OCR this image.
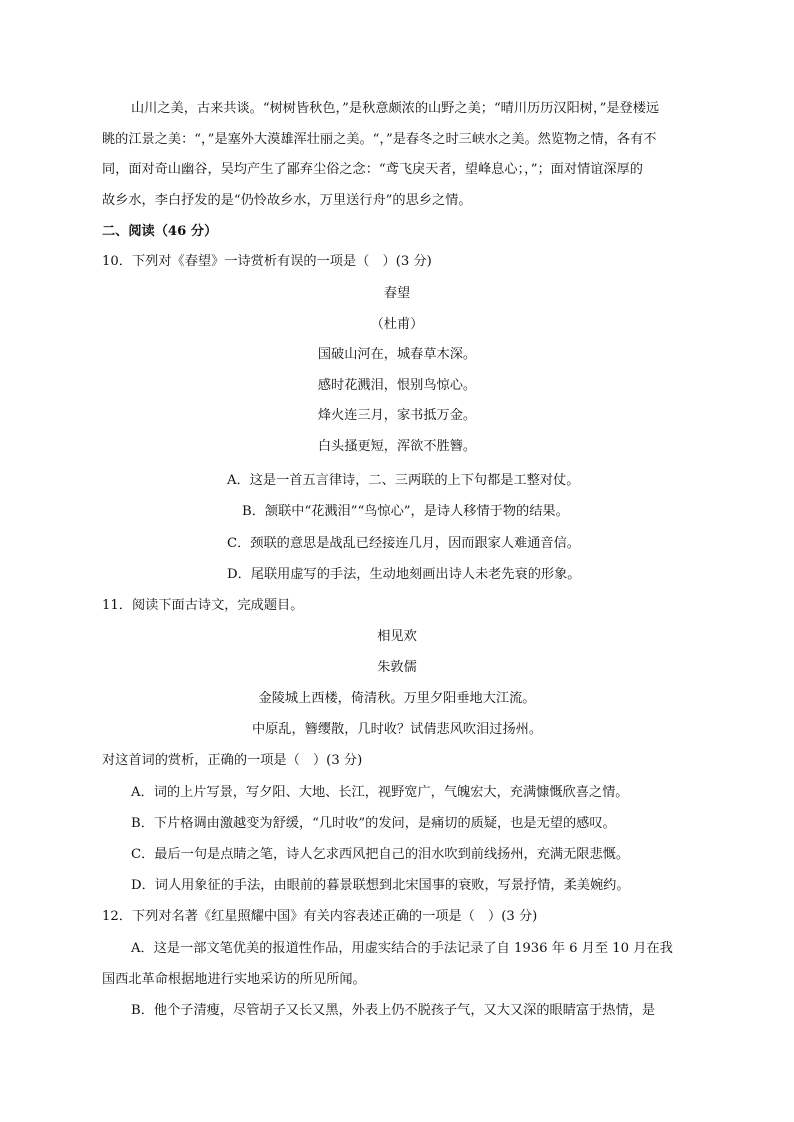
山川之美，古来共谈。“树树皆秋色，”是秋意颇浓的山野之美；“晴川历历汉阳树，”是登楼远
眺的江景之美：“，”是塞外大漠雄浑壮丽之美。“，”是春冬之时三峡水之美。然览物之情，各有不
同，面对奇山幽谷，吴均产生了鄙弃尘俗之念：“鸢飞戾天者，望峰息心；，”；面对情谊深厚的
故乡水，李白抒发的是“仍怜故乡水，万里送行舟”的思乡之情。
二、阅读（46 分）
10．下列对《春望》一诗赏析有误的一项是（　）(3 分)
春望
（杜甫）
国破山河在，城春草木深。
感时花溅泪，恨别鸟惊心。
烽火连三月，家书抵万金。
白头搔更短，浑欲不胜簪。
A．这是一首五言律诗，二、三两联的上下句都是工整对仗。
B．颔联中“花溅泪”“鸟惊心”，是诗人移情于物的结果。
C．颈联的意思是战乱已经接连几月，因而跟家人难通音信。
D．尾联用虚写的手法，生动地刻画出诗人未老先衰的形象。
11．阅读下面古诗文，完成题目。
相见欢
朱敦儒
金陵城上西楼，倚清秋。万里夕阳垂地大江流。
中原乱，簪缨散，几时收？试倩悲风吹泪过扬州。
对这首词的赏析，正确的一项是（　）(3 分)
A．词的上片写景，写夕阳、大地、长江，视野宽广，气魄宏大，充满慷慨欣喜之情。
B．下片格调由激越变为舒缓，“几时收”的发问，是痛切的质疑，也是无望的感叹。
C．最后一句是点睛之笔，诗人乞求西风把自己的泪水吹到前线扬州，充满无限悲慨。
D．词人用象征的手法，由眼前的暮景联想到北宋国事的衰败，写景抒情，柔美婉约。
12．下列对名著《红星照耀中国》有关内容表述正确的一项是（　）(3 分)
A．这是一部文笔优美的报道性作品，用虚实结合的手法记录了自 1936 年 6 月至 10 月在我
国西北革命根据地进行实地采访的所见所闻。
B．他个子清瘦，尽管胡子又长又黑，外表上仍不脱孩子气，又大又深的眼睛富于热情，是
